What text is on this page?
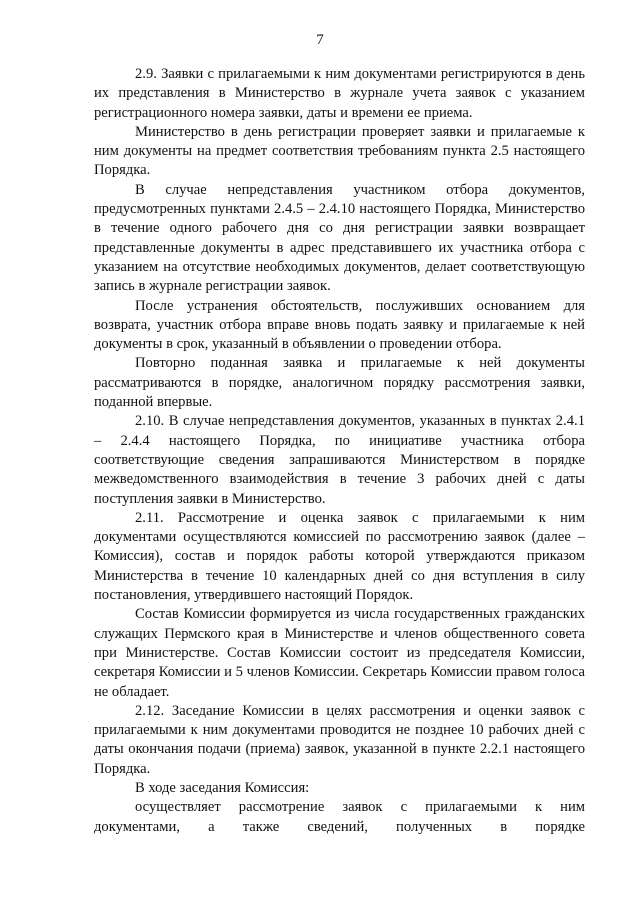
7

2.9. Заявки с прилагаемыми к ним документами регистрируются в день их представления в Министерство в журнале учета заявок с указанием регистрационного номера заявки, даты и времени ее приема.

Министерство в день регистрации проверяет заявки и прилагаемые к ним документы на предмет соответствия требованиям пункта 2.5 настоящего Порядка.

В случае непредставления участником отбора документов, предусмотренных пунктами 2.4.5 – 2.4.10 настоящего Порядка, Министерство в течение одного рабочего дня со дня регистрации заявки возвращает представленные документы в адрес представившего их участника отбора с указанием на отсутствие необходимых документов, делает соответствующую запись в журнале регистрации заявок.

После устранения обстоятельств, послуживших основанием для возврата, участник отбора вправе вновь подать заявку и прилагаемые к ней документы в срок, указанный в объявлении о проведении отбора.

Повторно поданная заявка и прилагаемые к ней документы рассматриваются в порядке, аналогичном порядку рассмотрения заявки, поданной впервые.

2.10. В случае непредставления документов, указанных в пунктах 2.4.1 – 2.4.4 настоящего Порядка, по инициативе участника отбора соответствующие сведения запрашиваются Министерством в порядке межведомственного взаимодействия в течение 3 рабочих дней с даты поступления заявки в Министерство.

2.11. Рассмотрение и оценка заявок с прилагаемыми к ним документами осуществляются комиссией по рассмотрению заявок (далее – Комиссия), состав и порядок работы которой утверждаются приказом Министерства в течение 10 календарных дней со дня вступления в силу постановления, утвердившего настоящий Порядок.

Состав Комиссии формируется из числа государственных гражданских служащих Пермского края в Министерстве и членов общественного совета при Министерстве. Состав Комиссии состоит из председателя Комиссии, секретаря Комиссии и 5 членов Комиссии. Секретарь Комиссии правом голоса не обладает.

2.12. Заседание Комиссии в целях рассмотрения и оценки заявок с прилагаемыми к ним документами проводится не позднее 10 рабочих дней с даты окончания подачи (приема) заявок, указанной в пункте 2.2.1 настоящего Порядка.

В ходе заседания Комиссия:

осуществляет рассмотрение заявок с прилагаемыми к ним документами, а также сведений, полученных в порядке
